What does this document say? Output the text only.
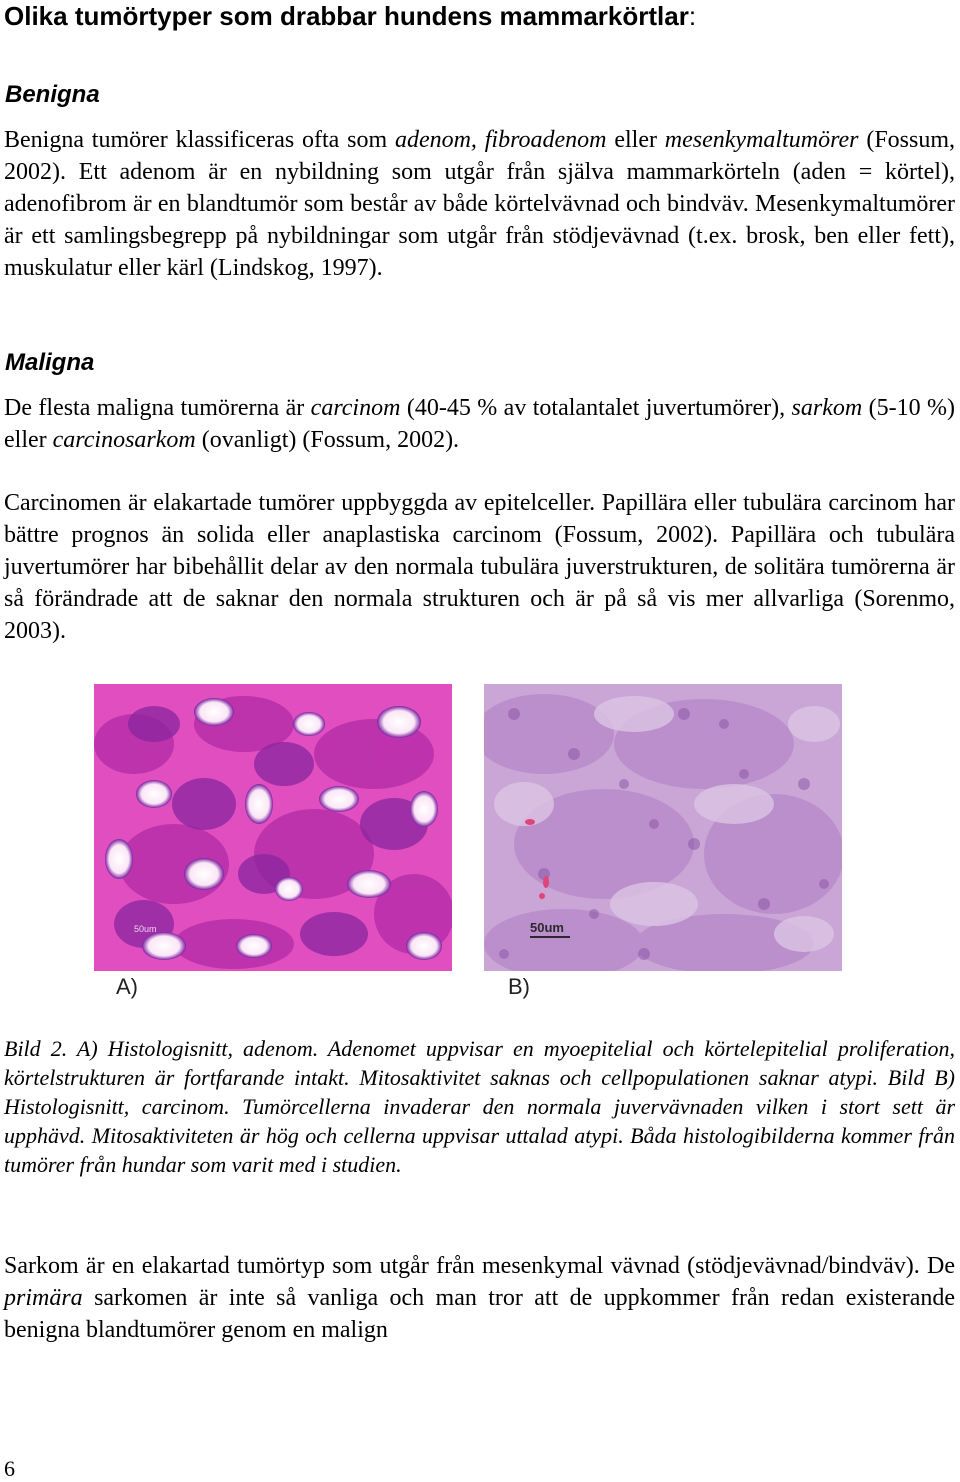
Olika tumörtyper som drabbar hundens mammarkörtlar:
Benigna

Benigna tumörer klassificeras ofta som adenom, fibroadenom eller mesenkymaltumörer (Fossum, 2002). Ett adenom är en nybildning som utgår från själva mammarkörteln (aden = körtel), adenofibrom är en blandtumör som består av både körtelvävnad och bindväv. Mesenkymaltumörer är ett samlingsbegrepp på nybildningar som utgår från stödjevävnad (t.ex. brosk, ben eller fett), muskulatur eller kärl (Lindskog, 1997).

Maligna

De flesta maligna tumörerna är carcinom (40-45 % av totalantalet juvertumörer), sarkom (5-10 %) eller carcinosarkom (ovanligt) (Fossum, 2002).

Carcinomen är elakartade tumörer uppbyggda av epitelceller. Papillära eller tubulära carcinom har bättre prognos än solida eller anaplastiska carcinom (Fossum, 2002). Papillära och tubulära juvertumörer har bibehållit delar av den normala tubulära juverstrukturen, de solitära tumörerna är så förändrade att de saknar den normala strukturen och är på så vis mer allvarliga (Sorenmo, 2003).

50um	50um
A)	B)

Bild 2. A) Histologisnitt, adenom. Adenomet uppvisar en myoepitelial och körtelepitelial proliferation, körtelstrukturen är fortfarande intakt. Mitosaktivitet saknas och cellpopulationen saknar atypi. Bild B) Histologisnitt, carcinom. Tumörcellerna invaderar den normala juvervävnaden vilken i stort sett är upphävd. Mitosaktiviteten är hög och cellerna uppvisar uttalad atypi. Båda histologibilderna kommer från tumörer från hundar som varit med i studien.

Sarkom är en elakartad tumörtyp som utgår från mesenkymal vävnad (stödjevävnad/bindväv). De primära sarkomen är inte så vanliga och man tror att de uppkommer från redan existerande benigna blandtumörer genom en malign

6
